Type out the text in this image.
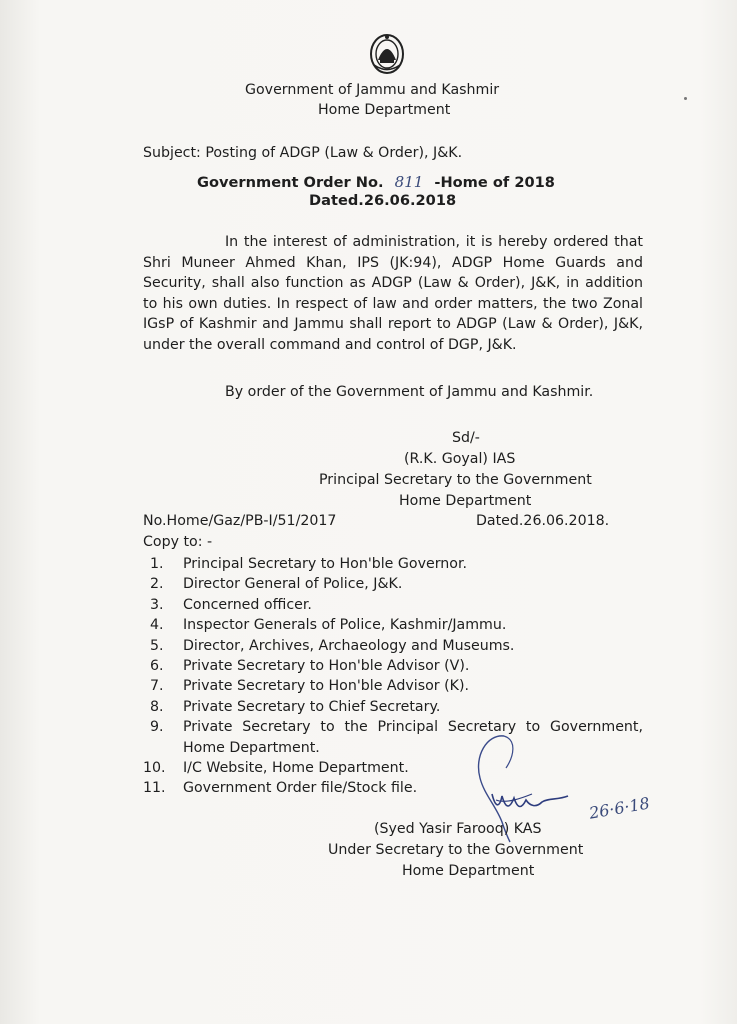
Government of Jammu and Kashmir
Home Department
Subject: Posting of ADGP (Law & Order), J&K.
Government Order No. 811 -Home of 2018
Dated.26.06.2018

In the interest of administration, it is hereby ordered that Shri Muneer Ahmed Khan, IPS (JK:94), ADGP Home Guards and Security, shall also function as ADGP (Law & Order), J&K, in addition to his own duties. In respect of law and order matters, the two Zonal IGsP of Kashmir and Jammu shall report to ADGP (Law & Order), J&K, under the overall command and control of DGP, J&K.

By order of the Government of Jammu and Kashmir.

Sd/-
(R.K. Goyal) IAS
Principal Secretary to the Government
Home Department
No.Home/Gaz/PB-I/51/2017	Dated.26.06.2018.
Copy to: -
1. Principal Secretary to Hon'ble Governor.
2. Director General of Police, J&K.
3. Concerned officer.
4. Inspector Generals of Police, Kashmir/Jammu.
5. Director, Archives, Archaeology and Museums.
6. Private Secretary to Hon'ble Advisor (V).
7. Private Secretary to Hon'ble Advisor (K).
8. Private Secretary to Chief Secretary.
9. Private Secretary to the Principal Secretary to Government, Home Department.
10. I/C Website, Home Department.
11. Government Order file/Stock file.
26·6·18
(Syed Yasir Farooq) KAS
Under Secretary to the Government
Home Department
